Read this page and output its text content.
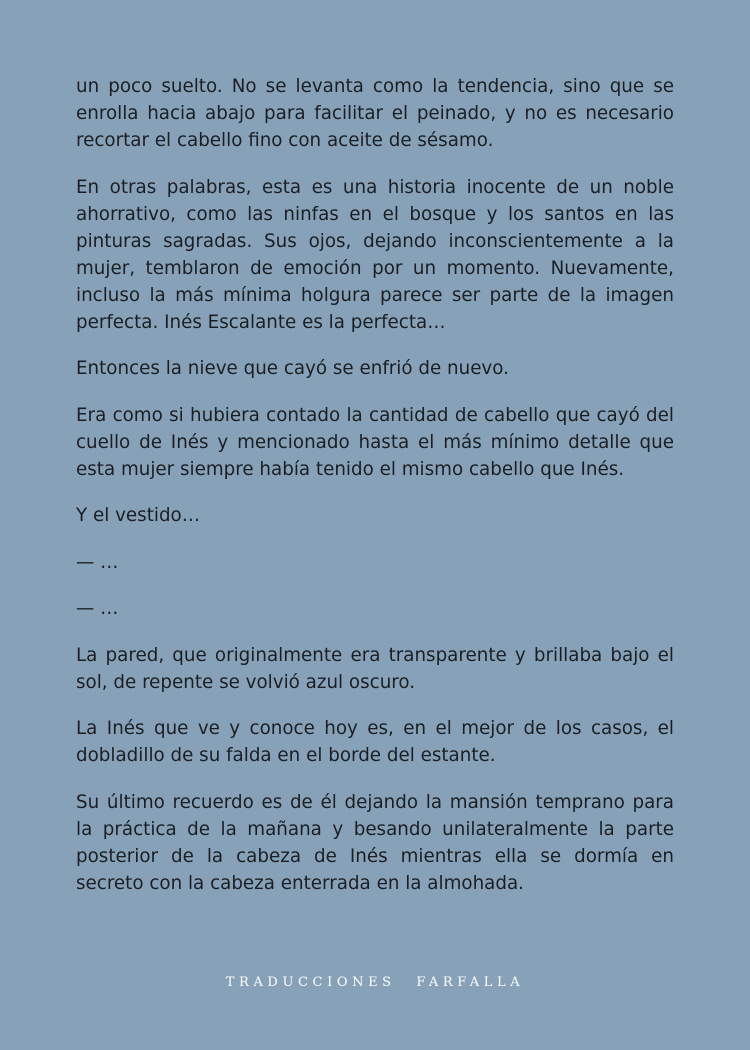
un poco suelto. No se levanta como la tendencia, sino que se enrolla hacia abajo para facilitar el peinado, y no es necesario recortar el cabello fino con aceite de sésamo.

En otras palabras, esta es una historia inocente de un noble ahorrativo, como las ninfas en el bosque y los santos en las pinturas sagradas. Sus ojos, dejando inconscientemente a la mujer, temblaron de emoción por un momento. Nuevamente, incluso la más mínima holgura parece ser parte de la imagen perfecta. Inés Escalante es la perfecta…

Entonces la nieve que cayó se enfrió de nuevo.

Era como si hubiera contado la cantidad de cabello que cayó del cuello de Inés y mencionado hasta el más mínimo detalle que esta mujer siempre había tenido el mismo cabello que Inés.

Y el vestido…

— …

— …

La pared, que originalmente era transparente y brillaba bajo el sol, de repente se volvió azul oscuro.

La Inés que ve y conoce hoy es, en el mejor de los casos, el dobladillo de su falda en el borde del estante.

Su último recuerdo es de él dejando la mansión temprano para la práctica de la mañana y besando unilateralmente la parte posterior de la cabeza de Inés mientras ella se dormía en secreto con la cabeza enterrada en la almohada.

TRADUCCIONES FARFALLA
